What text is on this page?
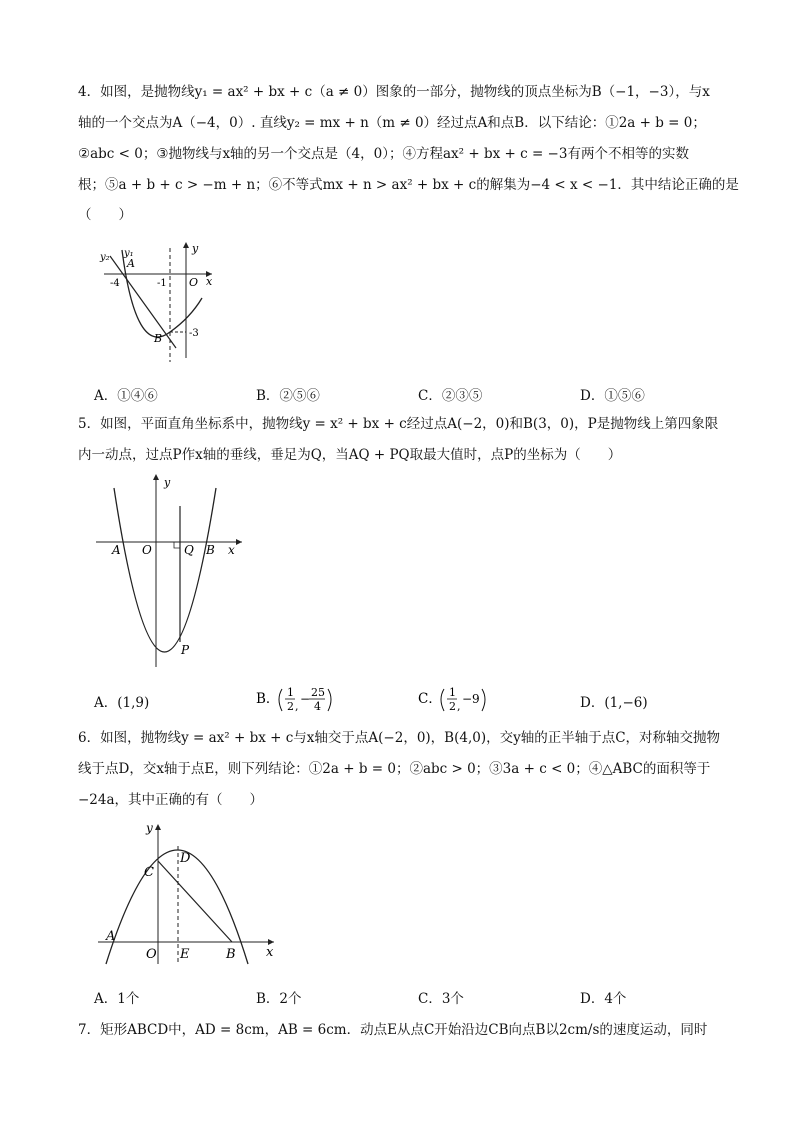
4．如图，是抛物线y₁ = ax² + bx + c（a ≠ 0）图象的一部分，抛物线的顶点坐标为B（−1，−3），与x
轴的一个交点为A（−4，0）. 直线y₂ = mx + n（m ≠ 0）经过点A和点B．以下结论：①2a + b = 0；
②abc < 0；③抛物线与x轴的另一个交点是（4，0）；④方程ax² + bx + c = −3有两个不相等的实数
根；⑤a + b + c > −m + n；⑥不等式mx + n > ax² + bx + c的解集为−4 < x < −1．其中结论正确的是
（　　）
y₂ y₁
A
y
-4	-1 O x
-3
B
A．①④⑥	B．②⑤⑥	C．②③⑤	D．①⑤⑥
5．如图，平面直角坐标系中，抛物线y = x² + bx + c经过点A(−2，0)和B(3，0)，P是抛物线上第四象限
内一动点，过点P作x轴的垂线，垂足为Q，当AQ + PQ取最大值时，点P的坐标为（　　）
y
A O	Q B x
P
A．(1,9)	B． 1
2 ,
− 25
4	C． 1
2 ,
−9	D．(1,−6)
6．如图，抛物线y = ax² + bx + c与x轴交于点A(−2，0)，B(4,0)，交y轴的正半轴于点C，对称轴交抛物
线于点D，交x轴于点E，则下列结论：①2a + b = 0；②abc > 0；③3a + c < 0；④△ABC的面积等于
−24a，其中正确的有（　　）
y
C
D
A
O E	B x
A．1个	B．2个	C．3个	D．4个
7．矩形ABCD中，AD = 8cm，AB = 6cm．动点E从点C开始沿边CB向点B以2cm/s的速度运动，同时
